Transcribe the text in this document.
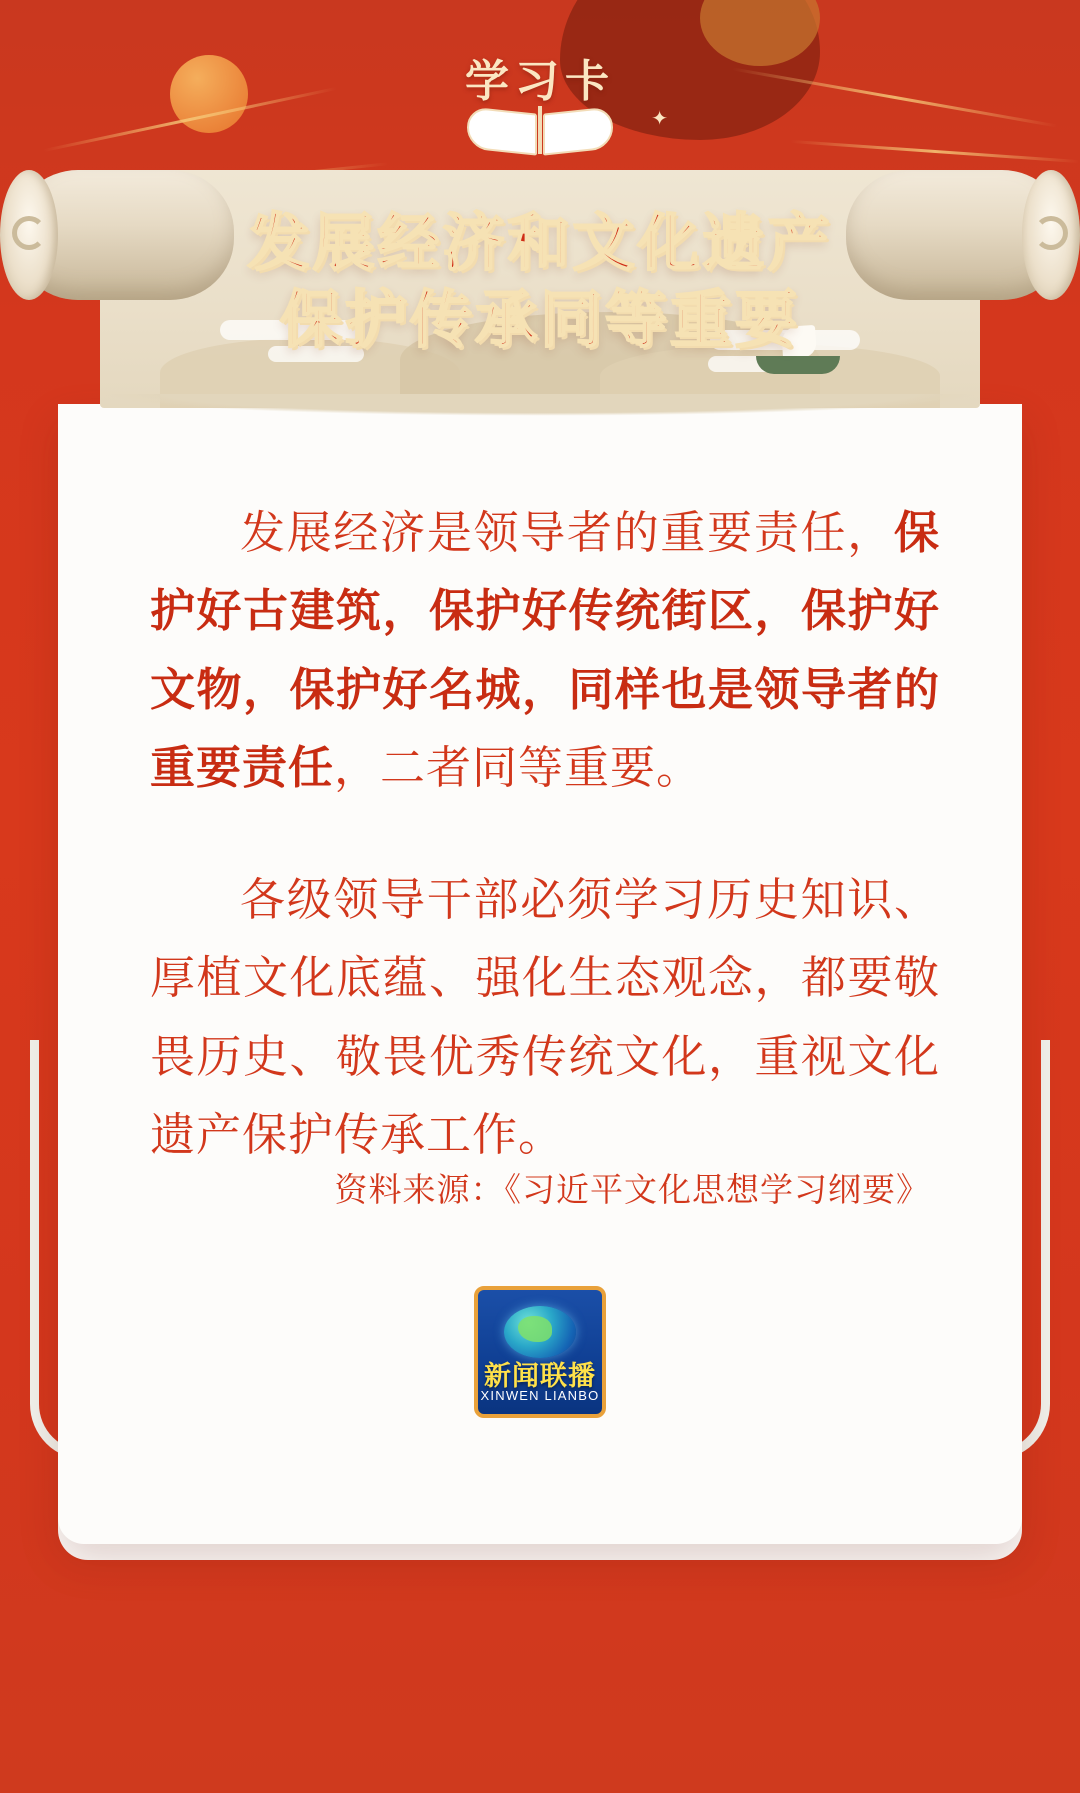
学习卡
✦
发展经济和文化遗产
保护传承同等重要

发展经济是领导者的重要责任，保护好古建筑，保护好传统街区，保护好文物，保护好名城，同样也是领导者的重要责任，二者同等重要。

各级领导干部必须学习历史知识、厚植文化底蕴、强化生态观念，都要敬畏历史、敬畏优秀传统文化，重视文化遗产保护传承工作。

资料来源：《习近平文化思想学习纲要》
新闻联播
XINWEN LIANBO
